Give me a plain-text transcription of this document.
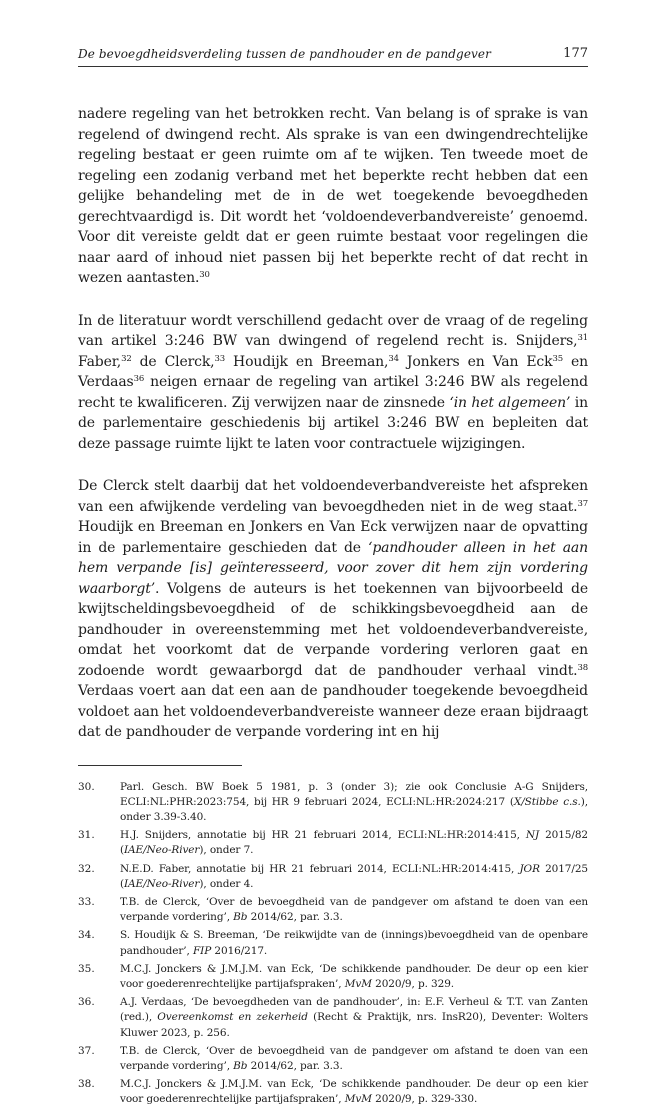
De bevoegdheidsverdeling tussen de pandhouder en de pandgever	177

nadere regeling van het betrokken recht. Van belang is of sprake is van regelend of dwingend recht. Als sprake is van een dwingendrechtelijke regeling bestaat er geen ruimte om af te wijken. Ten tweede moet de regeling een zodanig verband met het beperkte recht hebben dat een gelijke behandeling met de in de wet toegekende bevoegdheden gerechtvaardigd is. Dit wordt het ‘voldoendeverbandvereiste’ genoemd. Voor dit vereiste geldt dat er geen ruimte bestaat voor regelingen die naar aard of inhoud niet passen bij het beperkte recht of dat recht in wezen aantasten.$^{30}$

In de literatuur wordt verschillend gedacht over de vraag of de regeling van artikel 3:246 BW van dwingend of regelend recht is. Snijders,$^{31}$ Faber,$^{32}$ de Clerck,$^{33}$ Houdijk en Breeman,$^{34}$ Jonkers en Van Eck$^{35}$ en Verdaas$^{36}$ neigen ernaar de regeling van artikel 3:246 BW als regelend recht te kwalificeren. Zij verwijzen naar de zinsnede ‘in het algemeen’ in de parlementaire geschiedenis bij artikel 3:246 BW en bepleiten dat deze passage ruimte lijkt te laten voor contractuele wijzigingen.

De Clerck stelt daarbij dat het voldoendeverbandvereiste het afspreken van een afwijkende verdeling van bevoegdheden niet in de weg staat.$^{37}$ Houdijk en Breeman en Jonkers en Van Eck verwijzen naar de opvatting in de parlementaire geschieden dat de ‘pandhouder alleen in het aan hem verpande [is] geïnteresseerd, voor zover dit hem zijn vordering waarborgt’. Volgens de auteurs is het toekennen van bijvoorbeeld de kwijtscheldingsbevoegdheid of de schikkingsbevoegdheid aan de pandhouder in overeenstemming met het voldoendeverbandvereiste, omdat het voorkomt dat de verpande vordering verloren gaat en zodoende wordt gewaarborgd dat de pandhouder verhaal vindt.$^{38}$ Verdaas voert aan dat een aan de pandhouder toegekende bevoegdheid voldoet aan het voldoendeverbandvereiste wanneer deze eraan bijdraagt dat de pandhouder de verpande vordering int en hij

30.	Parl. Gesch. BW Boek 5 1981, p. 3 (onder 3); zie ook Conclusie A-G Snijders, ECLI:NL:PHR:2023:754, bij HR 9 februari 2024, ECLI:NL:HR:2024:217 (X/Stibbe c.s.), onder 3.39-3.40.
31.	H.J. Snijders, annotatie bij HR 21 februari 2014, ECLI:NL:HR:2014:415, NJ 2015/82 (IAE/Neo-River), onder 7.
32.	N.E.D. Faber, annotatie bij HR 21 februari 2014, ECLI:NL:HR:2014:415, JOR 2017/25 (IAE/Neo-River), onder 4.
33.	T.B. de Clerck, ‘Over de bevoegdheid van de pandgever om afstand te doen van een verpande vordering’, Bb 2014/62, par. 3.3.
34.	S. Houdijk & S. Breeman, ‘De reikwijdte van de (innings)bevoegdheid van de openbare pandhouder’, FIP 2016/217.
35.	M.C.J. Jonckers & J.M.J.M. van Eck, ‘De schikkende pandhouder. De deur op een kier voor goederenrechtelijke partijafspraken’, MvM 2020/9, p. 329.
36.	A.J. Verdaas, ‘De bevoegdheden van de pandhouder’, in: E.F. Verheul & T.T. van Zanten (red.), Overeenkomst en zekerheid (Recht & Praktijk, nrs. InsR20), Deventer: Wolters Kluwer 2023, p. 256.
37.	T.B. de Clerck, ‘Over de bevoegdheid van de pandgever om afstand te doen van een verpande vordering’, Bb 2014/62, par. 3.3.
38.	M.C.J. Jonckers & J.M.J.M. van Eck, ‘De schikkende pandhouder. De deur op een kier voor goederenrechtelijke partijafspraken’, MvM 2020/9, p. 329-330.
